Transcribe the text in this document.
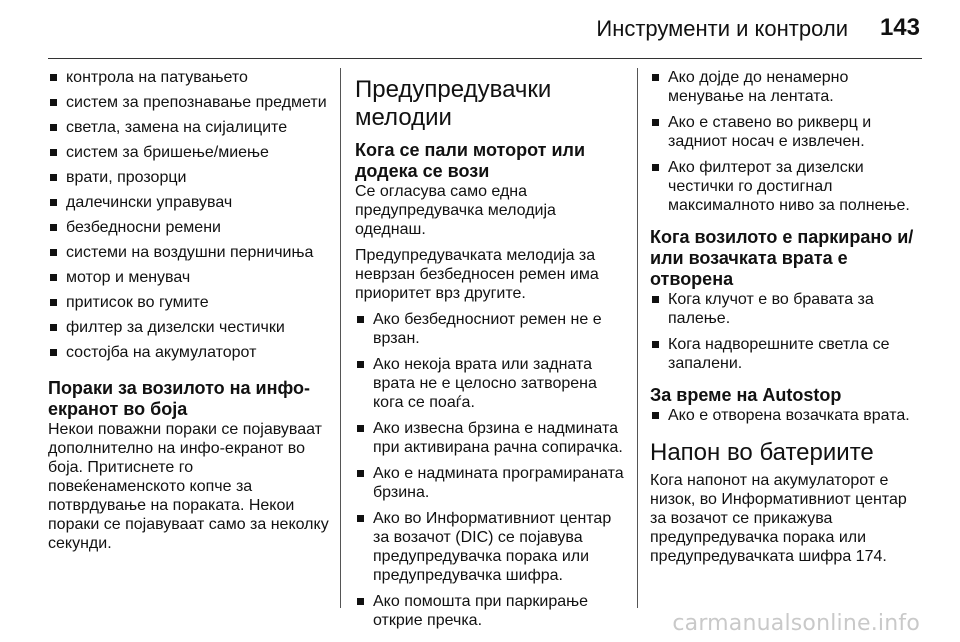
Инструменти и контроли 143
контрола на патувањето
систем за препознавање предмети
светла, замена на сијалиците
систем за бришење/миење
врати, прозорци
далечински управувач
безбедносни ремени
системи на воздушни перничиња
мотор и менувач
притисок во гумите
филтер за дизелски честички
состојба на акумулаторот
Пораки за возилото на инфо-екранот во боја

Некои поважни пораки се појавуваат дополнително на инфо-екранот во боја. Притиснете го повеќенаменскoто копче за потврдување на пораката. Некои пораки се појавуваат само за неколку секунди.

Предупредувачки мелодии
Кога се пали моторот или додека се вози

Се огласува само една предупредувачка мелодија одеднаш.

Предупредувачката мелодија за неврзан безбедносен ремен има приоритет врз другите.

Ако безбедносниот ремен не е врзан.
Ако некоја врата или задната врата не е целосно затворена кога се поаѓа.
Ако извесна брзина е надмината при активирана рачна сопирачка.
Ако е надмината програмираната брзина.
Ако во Информативниот центар за возачот (DIC) се појавува предупредувачка порака или предупредувачка шифра.
Ако помошта при паркирање открие пречка.
Ако дојде до ненамерно менување на лентата.
Ако е ставено во рикверц и задниот носач е извлечен.
Ако филтерот за дизелски честички го достигнал максималното ниво за полнење.
Кога возилото е паркирано и/или возачката врата е отворена
Кога клучот е во бравата за палење.
Кога надворешните светла се запалени.
За време на Autostop
Ако е отворена возачката врата.
Напон во батериите

Кога напонот на акумулаторот е низок, во Информативниот центар за возачот се прикажува предупредувачка порака или предупредувачката шифра 174.

carmanualsonline.info
